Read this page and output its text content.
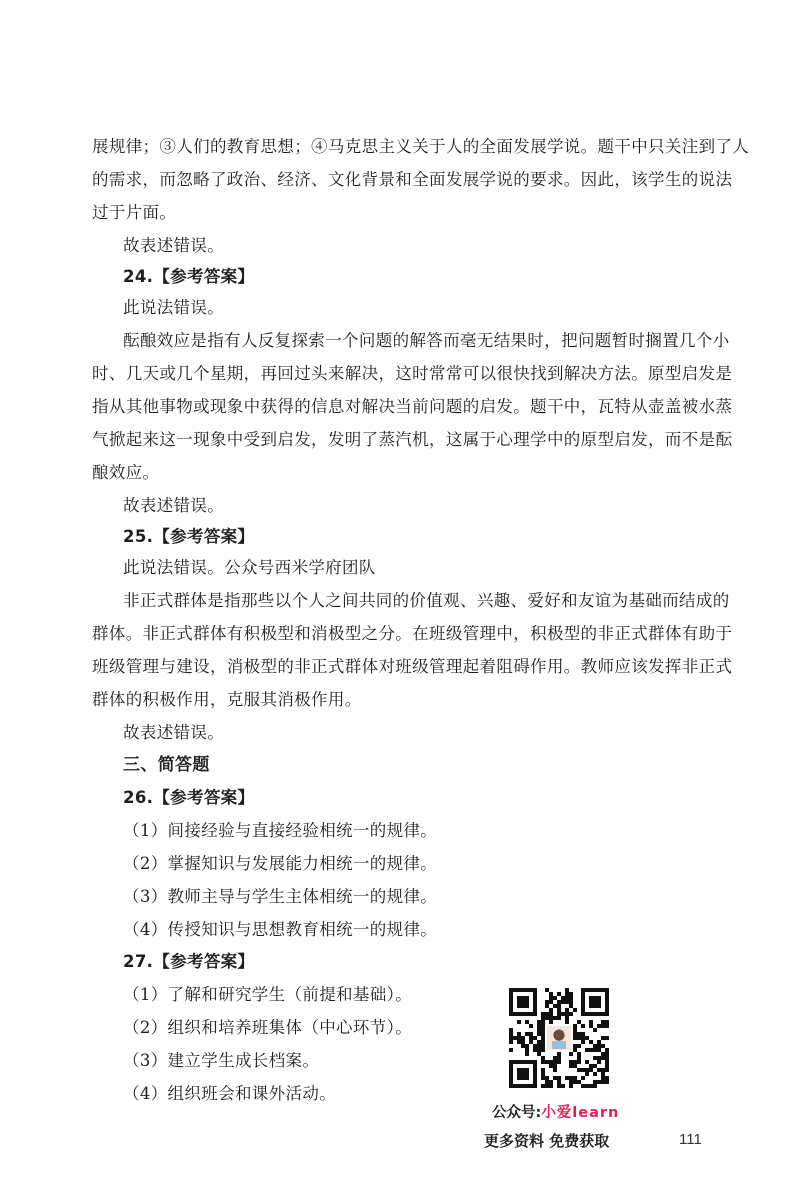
展规律；③人们的教育思想；④马克思主义关于人的全面发展学说。题干中只关注到了人
的需求，而忽略了政治、经济、文化背景和全面发展学说的要求。因此，该学生的说法
过于片面。
故表述错误。
24.【参考答案】
此说法错误。
酝酿效应是指有人反复探索一个问题的解答而毫无结果时，把问题暂时搁置几个小
时、几天或几个星期，再回过头来解决，这时常常可以很快找到解决方法。原型启发是
指从其他事物或现象中获得的信息对解决当前问题的启发。题干中，瓦特从壶盖被水蒸
气掀起来这一现象中受到启发，发明了蒸汽机，这属于心理学中的原型启发，而不是酝
酿效应。
故表述错误。
25.【参考答案】
此说法错误。公众号西米学府团队
非正式群体是指那些以个人之间共同的价值观、兴趣、爱好和友谊为基础而结成的
群体。非正式群体有积极型和消极型之分。在班级管理中，积极型的非正式群体有助于
班级管理与建设，消极型的非正式群体对班级管理起着阻碍作用。教师应该发挥非正式
群体的积极作用，克服其消极作用。
故表述错误。
三、简答题
26.【参考答案】
（1）间接经验与直接经验相统一的规律。
（2）掌握知识与发展能力相统一的规律。
（3）教师主导与学生主体相统一的规律。
（4）传授知识与思想教育相统一的规律。
27.【参考答案】
（1）了解和研究学生（前提和基础）。
（2）组织和培养班集体（中心环节）。
（3）建立学生成长档案。
（4）组织班会和课外活动。
公众号:小爱learn
更多资料 免费获取	111
